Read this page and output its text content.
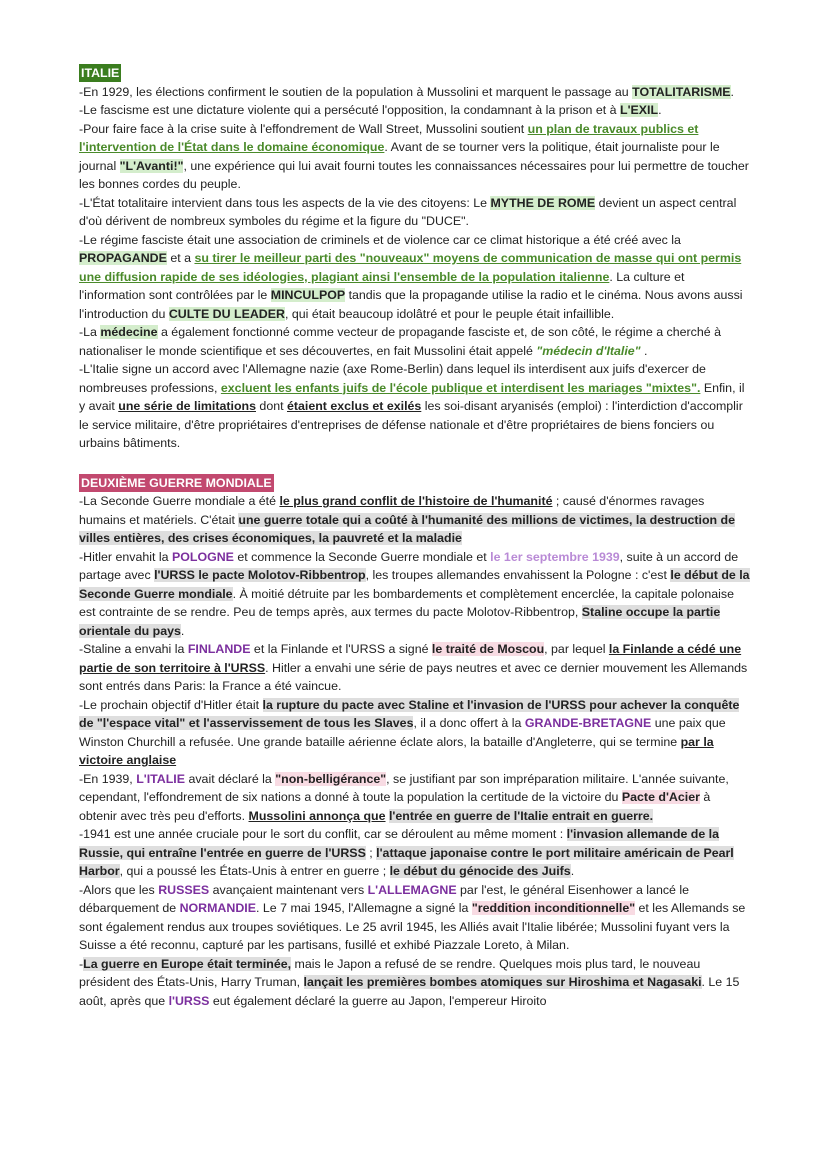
ITALIE

-En 1929, les élections confirment le soutien de la population à Mussolini et marquent le passage au TOTALITARISME.

-Le fascisme est une dictature violente qui a persécuté l'opposition, la condamnant à la prison et à L'EXIL.

-Pour faire face à la crise suite à l'effondrement de Wall Street, Mussolini soutient un plan de travaux publics et l'intervention de l'État dans le domaine économique. Avant de se tourner vers la politique, était journaliste pour le journal "L'Avanti!", une expérience qui lui avait fourni toutes les connaissances nécessaires pour lui permettre de toucher les bonnes cordes du peuple.

-L'État totalitaire intervient dans tous les aspects de la vie des citoyens: Le MYTHE DE ROME devient un aspect central d'où dérivent de nombreux symboles du régime et la figure du "DUCE".

-Le régime fasciste était une association de criminels et de violence car ce climat historique a été créé avec la PROPAGANDE et a su tirer le meilleur parti des "nouveaux" moyens de communication de masse qui ont permis une diffusion rapide de ses idéologies, plagiant ainsi l'ensemble de la population italienne. La culture et l'information sont contrôlées par le MINCULPOP tandis que la propagande utilise la radio et le cinéma. Nous avons aussi l'introduction du CULTE DU LEADER, qui était beaucoup idolâtré et pour le peuple était infaillible.

-La médecine a également fonctionné comme vecteur de propagande fasciste et, de son côté, le régime a cherché à nationaliser le monde scientifique et ses découvertes, en fait Mussolini était appelé "médecin d'Italie" .

-L'Italie signe un accord avec l'Allemagne nazie (axe Rome-Berlin) dans lequel ils interdisent aux juifs d'exercer de nombreuses professions, excluent les enfants juifs de l'école publique et interdisent les mariages "mixtes". Enfin, il y avait une série de limitations dont étaient exclus et exilés les soi-disant aryanisés (emploi) : l'interdiction d'accomplir le service militaire, d'être propriétaires d'entreprises de défense nationale et d'être propriétaires de biens fonciers ou urbains bâtiments.

DEUXIÈME GUERRE MONDIALE

-La Seconde Guerre mondiale a été le plus grand conflit de l'histoire de l'humanité ; causé d'énormes ravages humains et matériels. C'était une guerre totale qui a coûté à l'humanité des millions de victimes, la destruction de villes entières, des crises économiques, la pauvreté et la maladie

-Hitler envahit la POLOGNE et commence la Seconde Guerre mondiale et le 1er septembre 1939, suite à un accord de partage avec l'URSS le pacte Molotov-Ribbentrop, les troupes allemandes envahissent la Pologne : c'est le début de la Seconde Guerre mondiale. À moitié détruite par les bombardements et complètement encerclée, la capitale polonaise est contrainte de se rendre. Peu de temps après, aux termes du pacte Molotov-Ribbentrop, Staline occupe la partie orientale du pays.

-Staline a envahi la FINLANDE et la Finlande et l'URSS a signé le traité de Moscou, par lequel la Finlande a cédé une partie de son territoire à l'URSS. Hitler a envahi une série de pays neutres et avec ce dernier mouvement les Allemands sont entrés dans Paris: la France a été vaincue.

-Le prochain objectif d'Hitler était la rupture du pacte avec Staline et l'invasion de l'URSS pour achever la conquête de "l'espace vital" et l'asservissement de tous les Slaves, il a donc offert à la GRANDE-BRETAGNE une paix que Winston Churchill a refusée. Une grande bataille aérienne éclate alors, la bataille d'Angleterre, qui se termine par la victoire anglaise

-En 1939, L'ITALIE avait déclaré la "non-belligérance", se justifiant par son impréparation militaire. L'année suivante, cependant, l'effondrement de six nations a donné à toute la population la certitude de la victoire du Pacte d'Acier à obtenir avec très peu d'efforts. Mussolini annonça que l'entrée en guerre de l'Italie entrait en guerre.

-1941 est une année cruciale pour le sort du conflit, car se déroulent au même moment : l'invasion allemande de la Russie, qui entraîne l'entrée en guerre de l'URSS ; l'attaque japonaise contre le port militaire américain de Pearl Harbor, qui a poussé les États-Unis à entrer en guerre ; le début du génocide des Juifs.

-Alors que les RUSSES avançaient maintenant vers L'ALLEMAGNE par l'est, le général Eisenhower a lancé le débarquement de NORMANDIE. Le 7 mai 1945, l'Allemagne a signé la "reddition inconditionnelle" et les Allemands se sont également rendus aux troupes soviétiques. Le 25 avril 1945, les Alliés avait l'Italie libérée; Mussolini fuyant vers la Suisse a été reconnu, capturé par les partisans, fusillé et exhibé Piazzale Loreto, à Milan.

-La guerre en Europe était terminée, mais le Japon a refusé de se rendre. Quelques mois plus tard, le nouveau président des États-Unis, Harry Truman, lançait les premières bombes atomiques sur Hiroshima et Nagasaki. Le 15 août, après que l'URSS eut également déclaré la guerre au Japon, l'empereur Hiroito
